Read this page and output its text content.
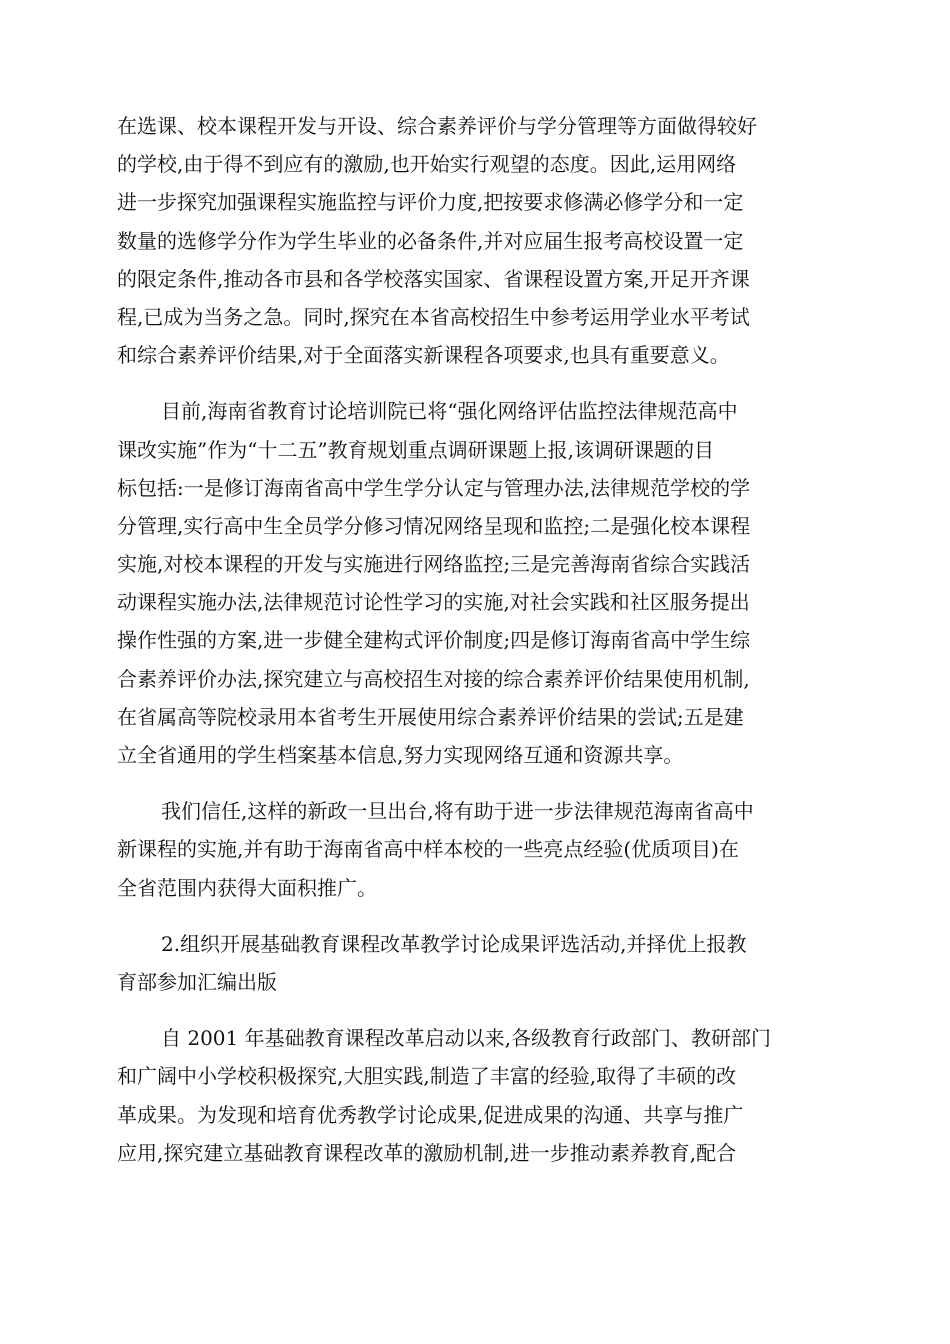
在选课、校本课程开发与开设、综合素养评价与学分管理等方面做得较好
的学校,由于得不到应有的激励,也开始实行观望的态度。因此,运用网络
进一步探究加强课程实施监控与评价力度,把按要求修满必修学分和一定
数量的选修学分作为学生毕业的必备条件,并对应届生报考高校设置一定
的限定条件,推动各市县和各学校落实国家、省课程设置方案,开足开齐课
程,已成为当务之急。同时,探究在本省高校招生中参考运用学业水平考试
和综合素养评价结果,对于全面落实新课程各项要求,也具有重要意义。

目前,海南省教育讨论培训院已将“强化网络评估监控法律规范高中
课改实施”作为“十二五”教育规划重点调研课题上报,该调研课题的目
标包括:一是修订海南省高中学生学分认定与管理办法,法律规范学校的学
分管理,实行高中生全员学分修习情况网络呈现和监控;二是强化校本课程
实施,对校本课程的开发与实施进行网络监控;三是完善海南省综合实践活
动课程实施办法,法律规范讨论性学习的实施,对社会实践和社区服务提出
操作性强的方案,进一步健全建构式评价制度;四是修订海南省高中学生综
合素养评价办法,探究建立与高校招生对接的综合素养评价结果使用机制,
在省属高等院校录用本省考生开展使用综合素养评价结果的尝试;五是建
立全省通用的学生档案基本信息,努力实现网络互通和资源共享。

我们信任,这样的新政一旦出台,将有助于进一步法律规范海南省高中
新课程的实施,并有助于海南省高中样本校的一些亮点经验(优质项目)在
全省范围内获得大面积推广。

2.组织开展基础教育课程改革教学讨论成果评选活动,并择优上报教
育部参加汇编出版

自 2001 年基础教育课程改革启动以来,各级教育行政部门、教研部门
和广阔中小学校积极探究,大胆实践,制造了丰富的经验,取得了丰硕的改
革成果。为发现和培育优秀教学讨论成果,促进成果的沟通、共享与推广
应用,探究建立基础教育课程改革的激励机制,进一步推动素养教育,配合
